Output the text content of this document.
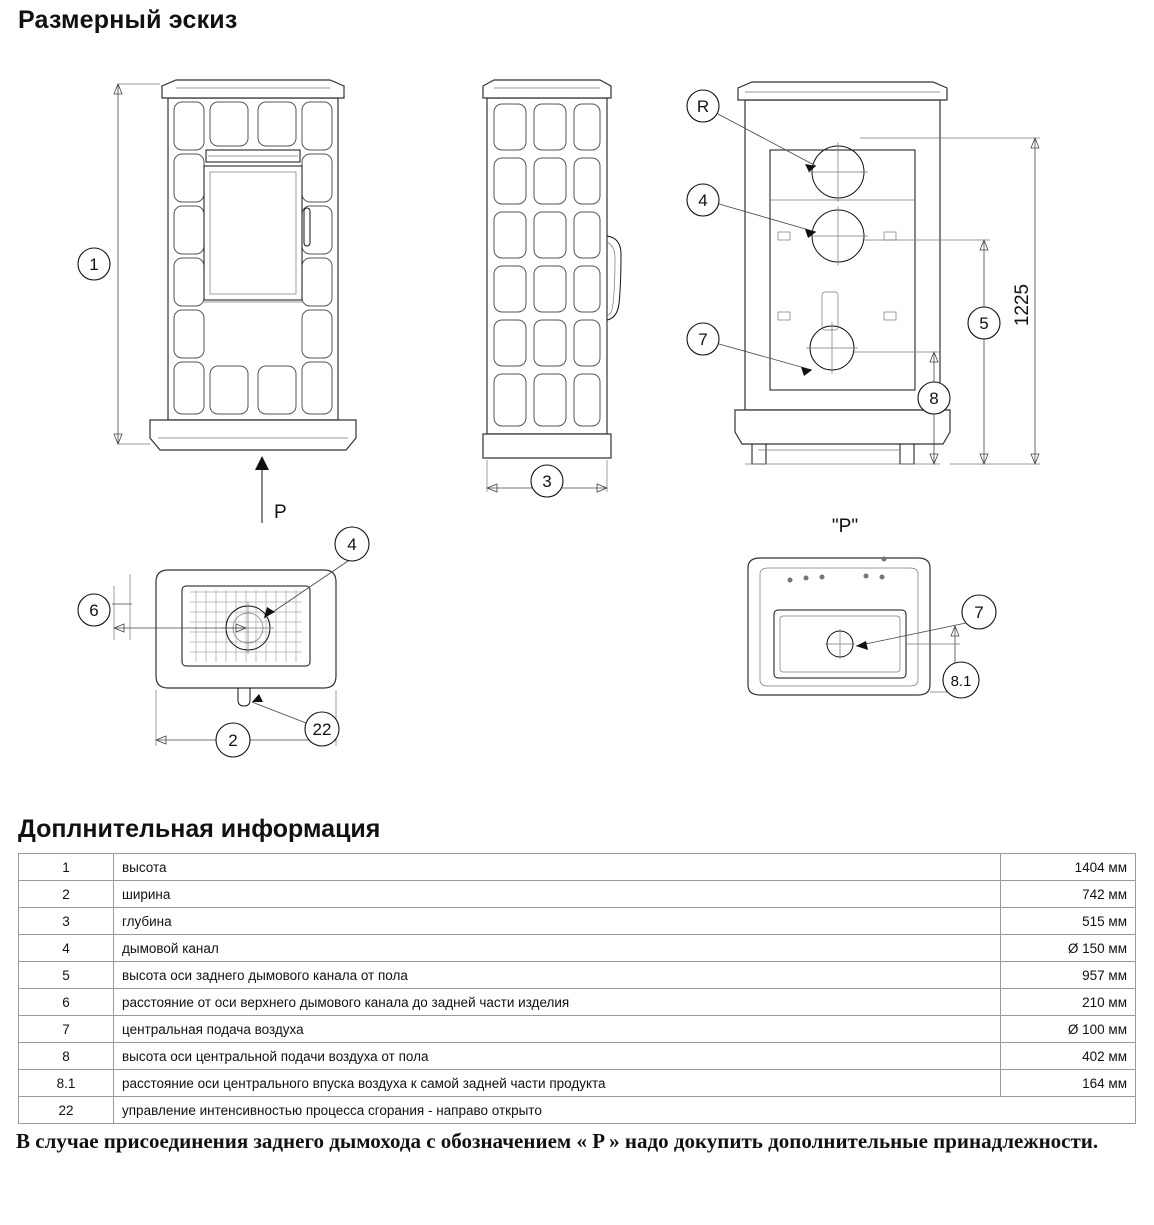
Размерный эскиз
1
P
3
R
4
7
1225
5
8
4
6
2
22
"P"
7
8.1
Доплнительная информация
1	высота	1404 мм
2	ширина	742 мм
3	глубина	515 мм
4	дымовой канал	Ø 150 мм
5	высота оси заднего дымового канала от пола	957 мм
6	расстояние от оси верхнего дымового канала до задней части изделия	210 мм
7	центральная подача воздуха	Ø 100 мм
8	высота оси центральной подачи воздуха от пола	402 мм
8.1	расстояние оси центрального впуска воздуха к самой задней части продукта	164 мм
22	управление интенсивностью процесса сгорания - направо открыто	
В случае присоединения заднего дымохода с обозначением « P » надо докупить дополнительные принадлежности.
